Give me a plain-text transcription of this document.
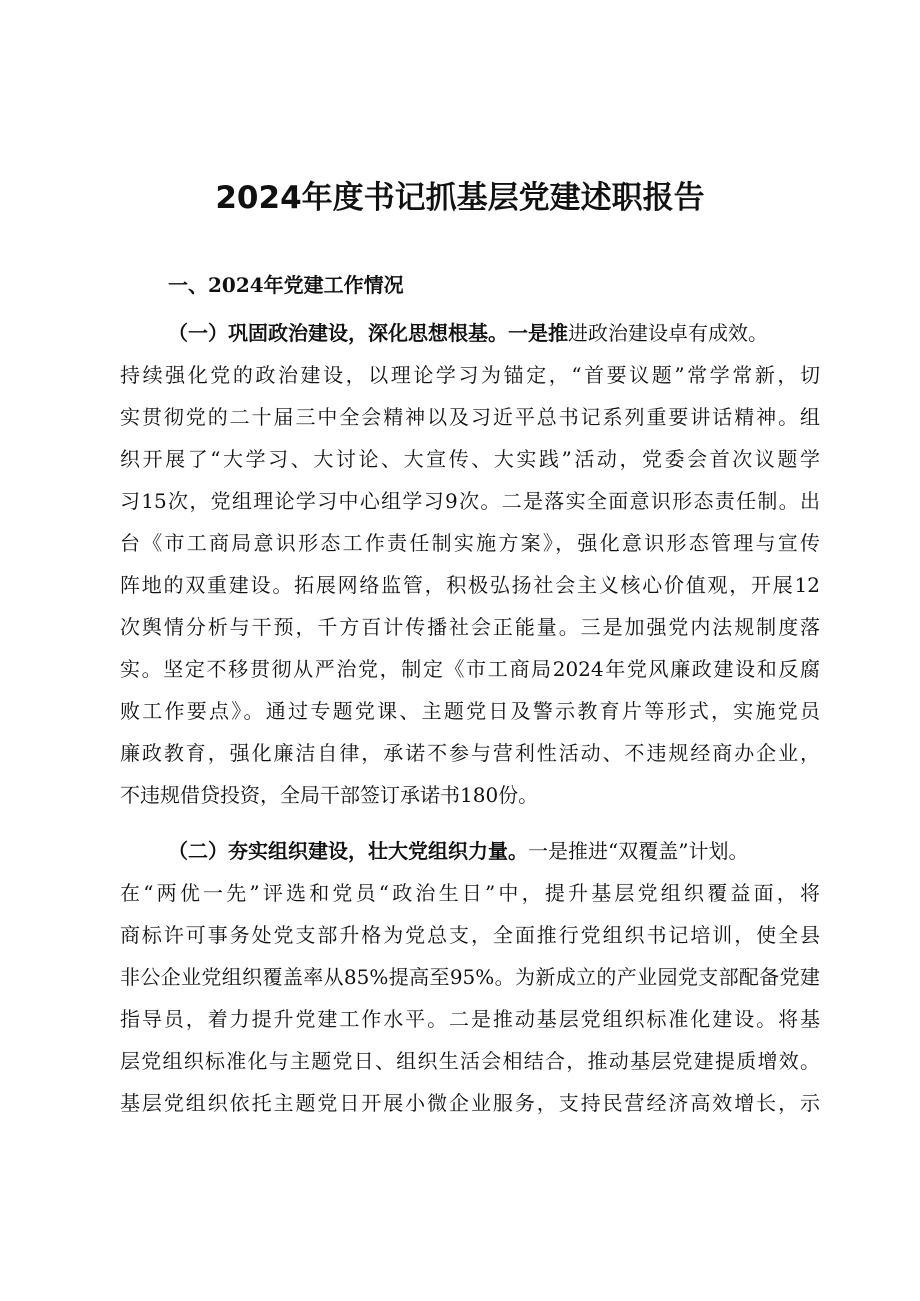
2024年度书记抓基层党建述职报告
一、2024年党建工作情况
（一）巩固政治建设，深化思想根基。一是推进政治建设卓有成效。
持续强化党的政治建设，以理论学习为锚定，“首要议题”常学常新，切
实贯彻党的二十届三中全会精神以及习近平总书记系列重要讲话精神。组
织开展了“大学习、大讨论、大宣传、大实践”活动，党委会首次议题学
习15次，党组理论学习中心组学习9次。二是落实全面意识形态责任制。出
台《市工商局意识形态工作责任制实施方案》，强化意识形态管理与宣传
阵地的双重建设。拓展网络监管，积极弘扬社会主义核心价值观，开展12
次舆情分析与干预，千方百计传播社会正能量。三是加强党内法规制度落
实。坚定不移贯彻从严治党，制定《市工商局2024年党风廉政建设和反腐
败工作要点》。通过专题党课、主题党日及警示教育片等形式，实施党员
廉政教育，强化廉洁自律，承诺不参与营利性活动、不违规经商办企业，
不违规借贷投资，全局干部签订承诺书180份。
（二）夯实组织建设，壮大党组织力量。一是推进“双覆盖”计划。
在“两优一先”评选和党员“政治生日”中，提升基层党组织覆益面，将
商标许可事务处党支部升格为党总支，全面推行党组织书记培训，使全县
非公企业党组织覆盖率从85%提高至95%。为新成立的产业园党支部配备党建
指导员，着力提升党建工作水平。二是推动基层党组织标准化建设。将基
层党组织标准化与主题党日、组织生活会相结合，推动基层党建提质增效。
基层党组织依托主题党日开展小微企业服务，支持民营经济高效增长，示
